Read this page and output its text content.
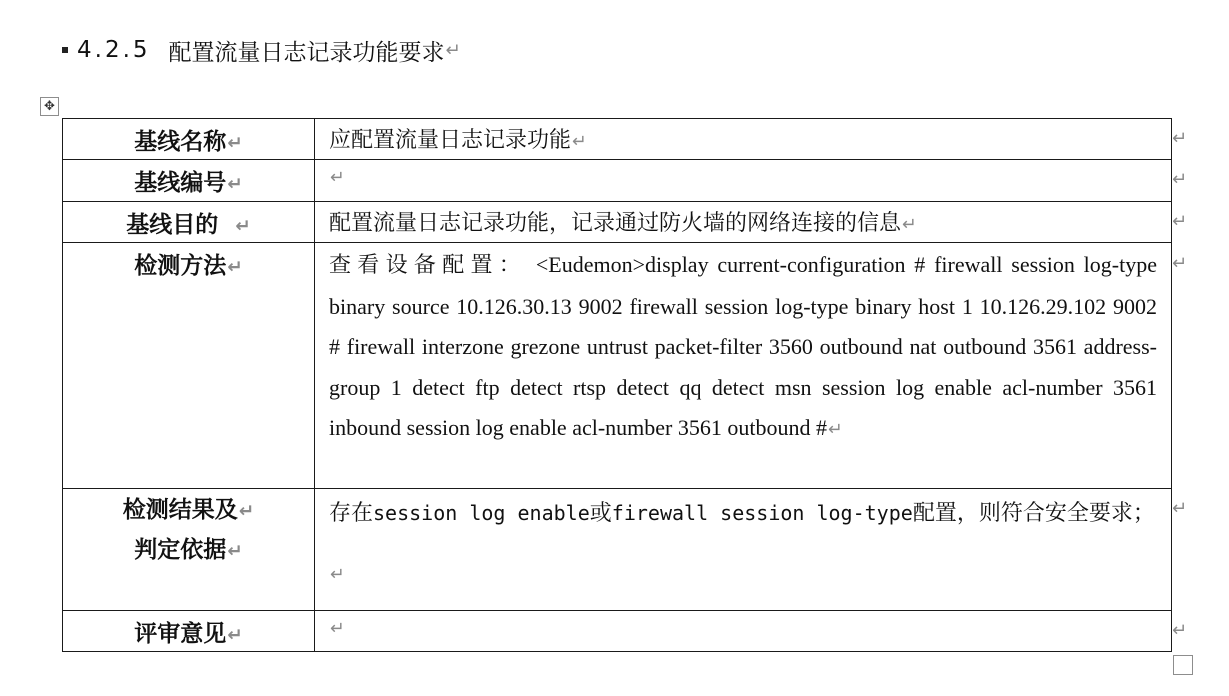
4.2.5 配置流量日志记录功能要求 ↵
✥
基线名称↵	应配置流量日志记录功能↵
基线编号↵	↵
基线目的 ↵	配置流量日志记录功能，记录通过防火墙的网络连接的信息↵
检测方法↵	查看设备配置： <Eudemon>display current-configuration # firewall session log-type binary source 10.126.30.13 9002 firewall session log-type binary host 1 10.126.29.102 9002 # firewall interzone grezone untrust packet-filter 3560 outbound nat outbound 3561 address-group 1 detect ftp detect rtsp detect qq detect msn session log enable acl-number 3561 inbound session log enable acl-number 3561 outbound #↵

检测结果及↵
判定依据↵	存在session log enable或firewall session log-type配置，则符合安全要求；↵

评审意见↵	↵
↵
↵
↵
↵
↵
↵
